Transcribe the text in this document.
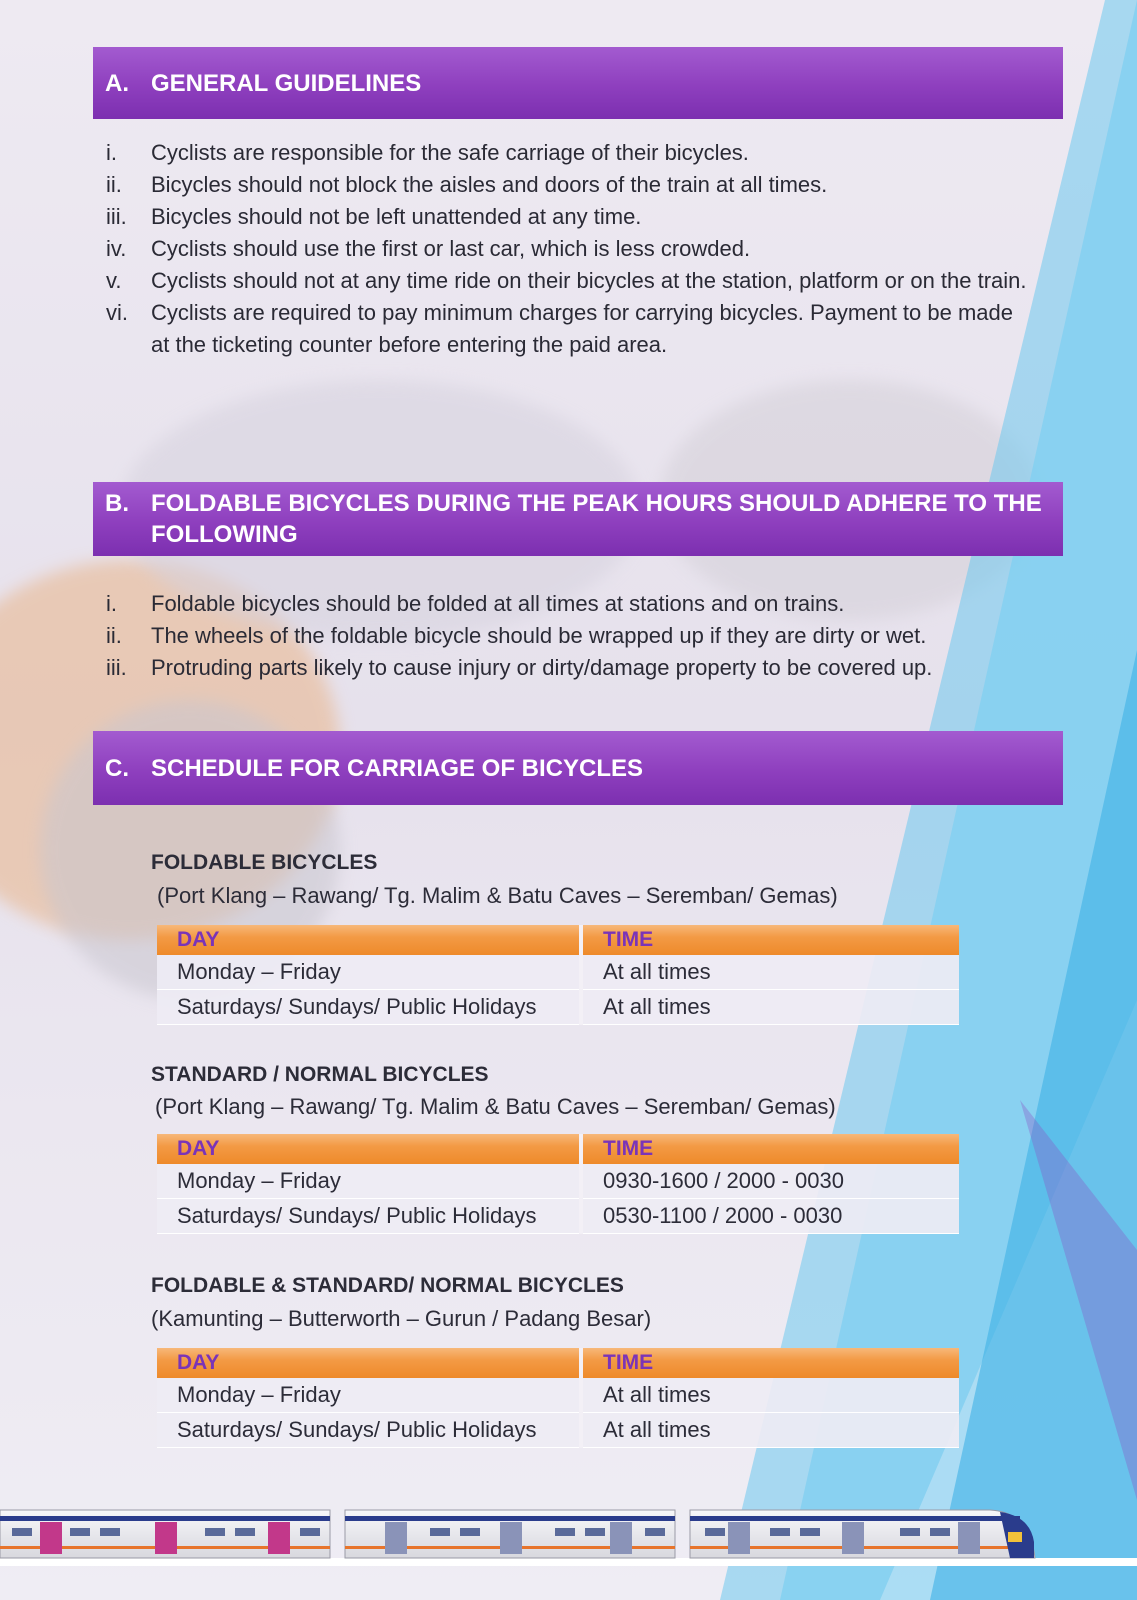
A. GENERAL GUIDELINES
i.	Cyclists are responsible for the safe carriage of their bicycles.
ii.	Bicycles should not block the aisles and doors of the train at all times.
iii.	Bicycles should not be left unattended at any time.
iv.	Cyclists should use the first or last car, which is less crowded.
v.	Cyclists should not at any time ride on their bicycles at the station, platform or on the train.
vi.	Cyclists are required to pay minimum charges for carrying bicycles. Payment to be made at the ticketing counter before entering the paid area.
B. FOLDABLE BICYCLES DURING THE PEAK HOURS SHOULD ADHERE TO THE FOLLOWING
i.	Foldable bicycles should be folded at all times at stations and on trains.
ii.	The wheels of the foldable bicycle should be wrapped up if they are dirty or wet.
iii.	Protruding parts likely to cause injury or dirty/damage property to be covered up.
C. SCHEDULE FOR CARRIAGE OF BICYCLES
FOLDABLE BICYCLES
(Port Klang – Rawang/ Tg. Malim & Batu Caves – Seremban/ Gemas)
DAY	TIME
Monday – Friday	At all times
Saturdays/ Sundays/ Public Holidays	At all times
STANDARD / NORMAL BICYCLES
(Port Klang – Rawang/ Tg. Malim & Batu Caves – Seremban/ Gemas)
DAY	TIME
Monday – Friday	0930-1600 / 2000 - 0030
Saturdays/ Sundays/ Public Holidays	0530-1100 / 2000 - 0030
FOLDABLE & STANDARD/ NORMAL BICYCLES
(Kamunting – Butterworth – Gurun / Padang Besar)
DAY	TIME
Monday – Friday	At all times
Saturdays/ Sundays/ Public Holidays	At all times
